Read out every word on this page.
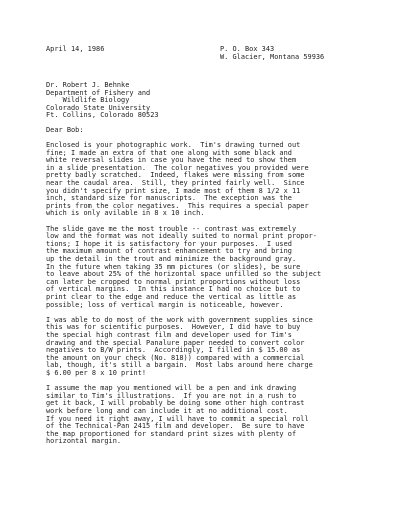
April 14, 1986	P. O. Box 343
W. Glacier, Montana 59936
Dr. Robert J. Behnke
Department of Fishery and
Wildlife Biology
Colorado State University
Ft. Collins, Colorado 80523
Dear Bob:
Enclosed is your photographic work.  Tim's drawing turned out
fine; I made an extra of that one along with some black and
white reversal slides in case you have the need to show them
in a slide presentation.  The color negatives you provided were
pretty badly scratched.  Indeed, flakes were missing from some
near the caudal area.  Still, they printed fairly well.  Since
you didn't specify print size, I made most of them 8 1/2 x 11
inch, standard size for manuscripts.  The exception was the
prints from the color negatives.  This requires a special paper
which is only avilable in 8 x 10 inch.
The slide gave me the most trouble -- contrast was extremely
low and the format was not ideally suited to normal print propor-
tions; I hope it is satisfactory for your purposes.  I used
the maximum amount of contrast enhancement to try and bring
up the detail in the trout and minimize the background gray.
In the future when taking 35 mm pictures (or slides), be sure
to leave about 25% of the horizontal space unfilled so the subject
can later be cropped to normal print proportions without loss
of vertical margins.  In this instance I had no choice but to
print clear to the edge and reduce the vertical as little as
possible; loss of vertical margin is noticeable, however.
I was able to do most of the work with government supplies since
this was for scientific purposes.  However, I did have to buy
the special high contrast film and developer used for Tim's
drawing and the special Panalure paper needed to convert color
negatives to B/W prints.  Accordingly, I filled in $ 15.00 as
the amount on your check (No. 818)) compared with a commercial
lab, though, it's still a bargain.  Most labs around here charge
$ 6.00 per 8 x 10 print!
I assume the map you mentioned will be a pen and ink drawing
similar to Tim's illustrations.  If you are not in a rush to
get it back, I will probably be doing some other high contrast
work before long and can include it at no additional cost.
If you need it right away, I will have to commit a special roll
of the Technical-Pan 2415 film and developer.  Be sure to have
the map proportioned for standard print sizes with plenty of
horizontal margin.
